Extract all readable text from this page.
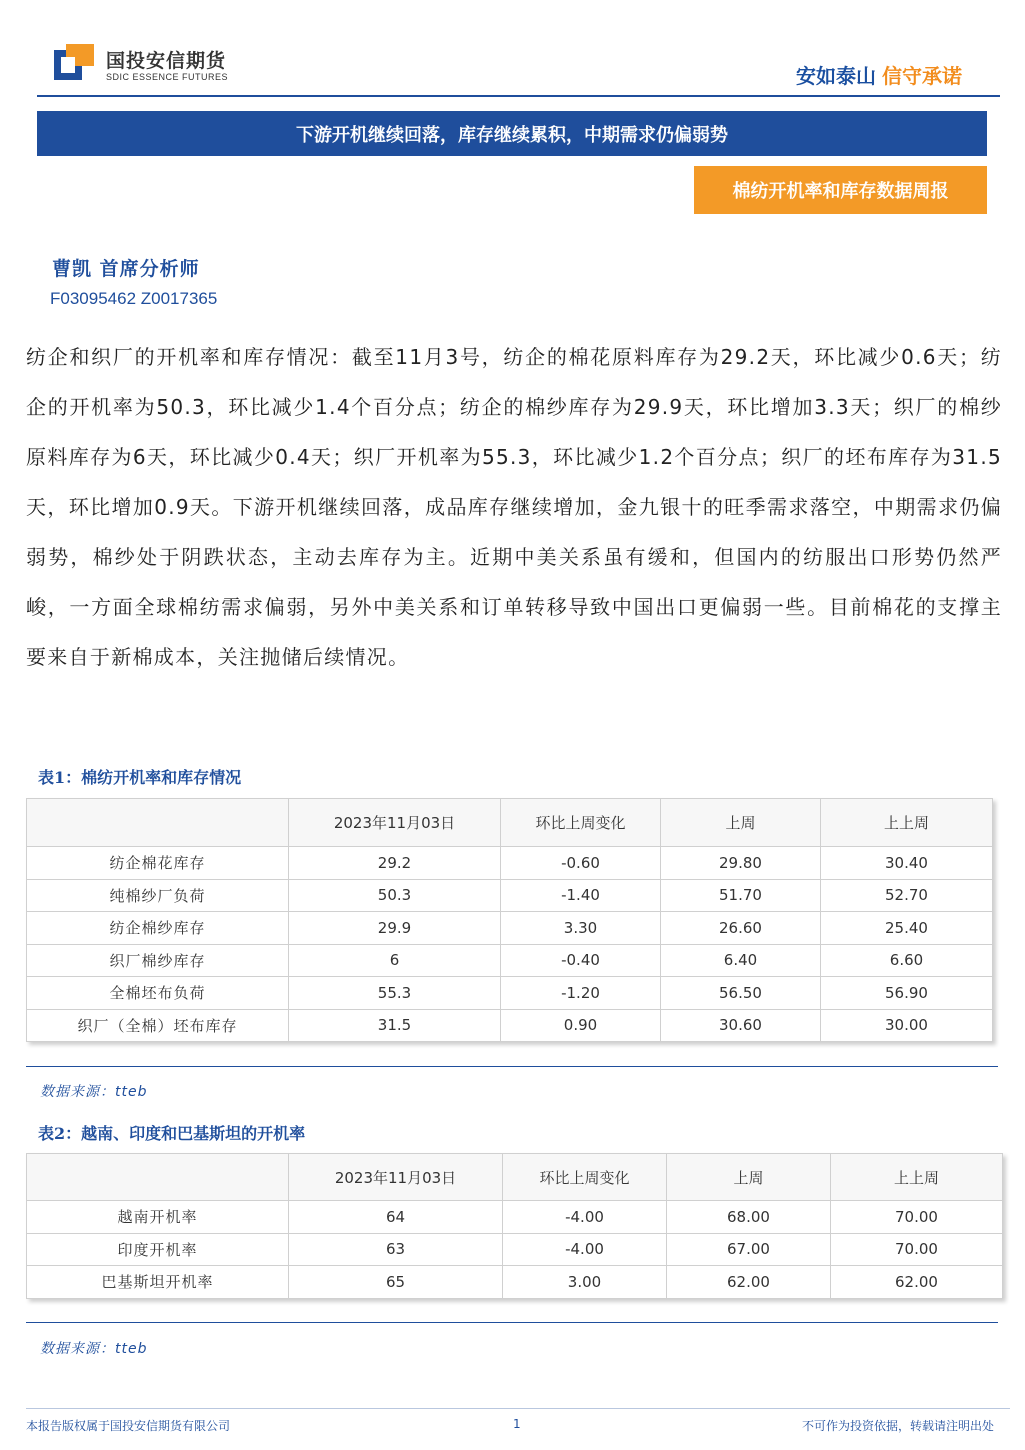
国投安信期货
SDIC ESSENCE FUTURES	安如泰山 信守承诺
下游开机继续回落，库存继续累积，中期需求仍偏弱势
棉纺开机率和库存数据周报
曹凯 首席分析师
F03095462 Z0017365

纺企和织厂的开机率和库存情况：截至11月3号，纺企的棉花原料库存为29.2天，环比减少0.6天；纺企的开机率为50.3，环比减少1.4个百分点；纺企的棉纱库存为29.9天，环比增加3.3天；织厂的棉纱原料库存为6天，环比减少0.4天；织厂开机率为55.3，环比减少1.2个百分点；织厂的坯布库存为31.5天，环比增加0.9天。下游开机继续回落，成品库存继续增加，金九银十的旺季需求落空，中期需求仍偏弱势，棉纱处于阴跌状态，主动去库存为主。近期中美关系虽有缓和，但国内的纺服出口形势仍然严峻，一方面全球棉纺需求偏弱，另外中美关系和订单转移导致中国出口更偏弱一些。目前棉花的支撑主要来自于新棉成本，关注抛储后续情况。

表1：棉纺开机率和库存情况
	2023年11月03日	环比上周变化	上周	上上周
纺企棉花库存	29.2	-0.60	29.80	30.40
纯棉纱厂负荷	50.3	-1.40	51.70	52.70
纺企棉纱库存	29.9	3.30	26.60	25.40
织厂棉纱库存	6	-0.40	6.40	6.60
全棉坯布负荷	55.3	-1.20	56.50	56.90
织厂（全棉）坯布库存	31.5	0.90	30.60	30.00
数据来源：tteb
表2：越南、印度和巴基斯坦的开机率
	2023年11月03日	环比上周变化	上周	上上周
越南开机率	64	-4.00	68.00	70.00
印度开机率	63	-4.00	67.00	70.00
巴基斯坦开机率	65	3.00	62.00	62.00
数据来源：tteb
本报告版权属于国投安信期货有限公司	1	不可作为投资依据，转载请注明出处
